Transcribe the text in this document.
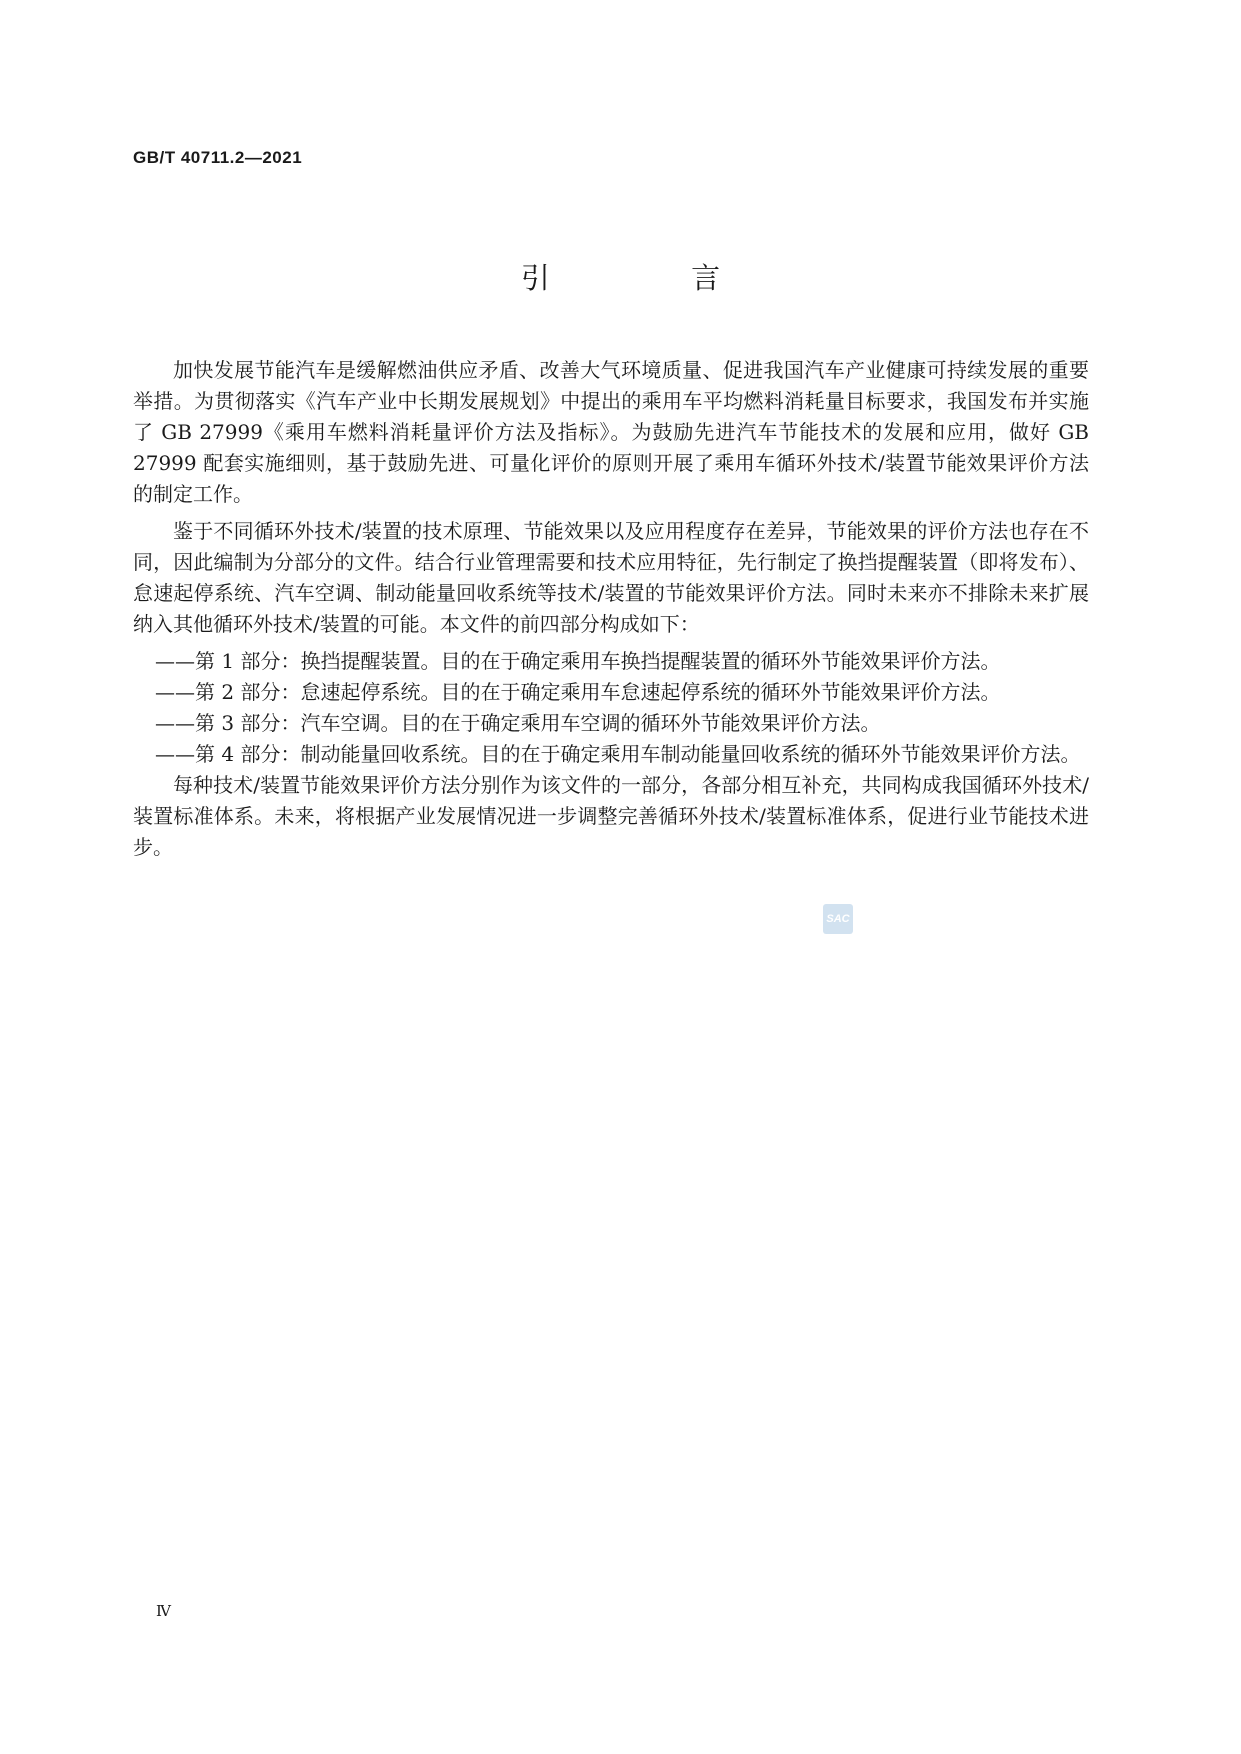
GB/T 40711.2—2021
引 言

加快发展节能汽车是缓解燃油供应矛盾、改善大气环境质量、促进我国汽车产业健康可持续发展的重要举措。为贯彻落实《汽车产业中长期发展规划》中提出的乘用车平均燃料消耗量目标要求，我国发布并实施了 GB 27999《乘用车燃料消耗量评价方法及指标》。为鼓励先进汽车节能技术的发展和应用，做好 GB 27999 配套实施细则，基于鼓励先进、可量化评价的原则开展了乘用车循环外技术/装置节能效果评价方法的制定工作。

鉴于不同循环外技术/装置的技术原理、节能效果以及应用程度存在差异，节能效果的评价方法也存在不同，因此编制为分部分的文件。结合行业管理需要和技术应用特征，先行制定了换挡提醒装置（即将发布）、怠速起停系统、汽车空调、制动能量回收系统等技术/装置的节能效果评价方法。同时未来亦不排除未来扩展纳入其他循环外技术/装置的可能。本文件的前四部分构成如下：

——第 1 部分：换挡提醒装置。目的在于确定乘用车换挡提醒装置的循环外节能效果评价方法。

——第 2 部分：怠速起停系统。目的在于确定乘用车怠速起停系统的循环外节能效果评价方法。

——第 3 部分：汽车空调。目的在于确定乘用车空调的循环外节能效果评价方法。

——第 4 部分：制动能量回收系统。目的在于确定乘用车制动能量回收系统的循环外节能效果评价方法。

每种技术/装置节能效果评价方法分别作为该文件的一部分，各部分相互补充，共同构成我国循环外技术/装置标准体系。未来，将根据产业发展情况进一步调整完善循环外技术/装置标准体系，促进行业节能技术进步。

SAC
Ⅳ
